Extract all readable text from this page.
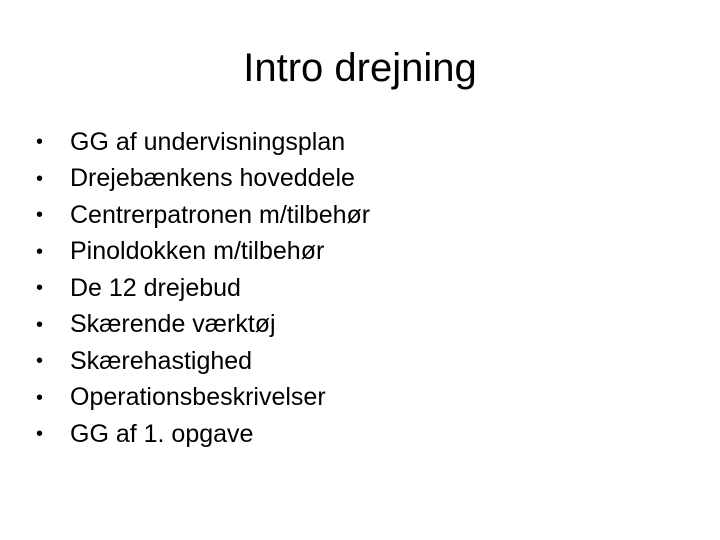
Intro drejning
•	GG af undervisningsplan
•	Drejebænkens hoveddele
•	Centrerpatronen m/tilbehør
•	Pinoldokken m/tilbehør
•	De 12 drejebud
•	Skærende værktøj
•	Skærehastighed
•	Operationsbeskrivelser
•	GG af 1. opgave
